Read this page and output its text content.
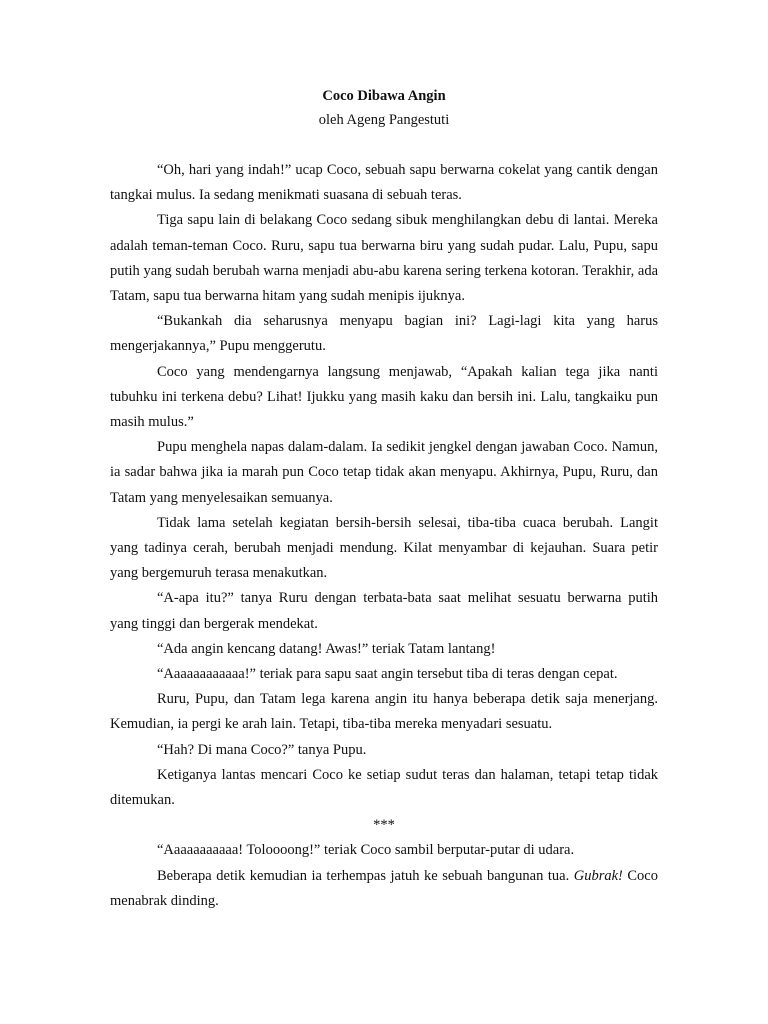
Coco Dibawa Angin

oleh Ageng Pangestuti

“Oh, hari yang indah!” ucap Coco, sebuah sapu berwarna cokelat yang cantik dengan tangkai mulus. Ia sedang menikmati suasana di sebuah teras.

Tiga sapu lain di belakang Coco sedang sibuk menghilangkan debu di lantai. Mereka adalah teman-teman Coco. Ruru, sapu tua berwarna biru yang sudah pudar. Lalu, Pupu, sapu putih yang sudah berubah warna menjadi abu-abu karena sering terkena kotoran. Terakhir, ada Tatam, sapu tua berwarna hitam yang sudah menipis ijuknya.

“Bukankah dia seharusnya menyapu bagian ini? Lagi-lagi kita yang harus mengerjakannya,” Pupu menggerutu.

Coco yang mendengarnya langsung menjawab, “Apakah kalian tega jika nanti tubuhku ini terkena debu? Lihat! Ijukku yang masih kaku dan bersih ini. Lalu, tangkaiku pun masih mulus.”

Pupu menghela napas dalam-dalam. Ia sedikit jengkel dengan jawaban Coco. Namun, ia sadar bahwa jika ia marah pun Coco tetap tidak akan menyapu. Akhirnya, Pupu, Ruru, dan Tatam yang menyelesaikan semuanya.

Tidak lama setelah kegiatan bersih-bersih selesai, tiba-tiba cuaca berubah. Langit yang tadinya cerah, berubah menjadi mendung. Kilat menyambar di kejauhan. Suara petir yang bergemuruh terasa menakutkan.

“A-apa itu?” tanya Ruru dengan terbata-bata saat melihat sesuatu berwarna putih yang tinggi dan bergerak mendekat.

“Ada angin kencang datang! Awas!” teriak Tatam lantang!

“Aaaaaaaaaaaa!” teriak para sapu saat angin tersebut tiba di teras dengan cepat.

Ruru, Pupu, dan Tatam lega karena angin itu hanya beberapa detik saja menerjang. Kemudian, ia pergi ke arah lain. Tetapi, tiba-tiba mereka menyadari sesuatu.

“Hah? Di mana Coco?” tanya Pupu.

Ketiganya lantas mencari Coco ke setiap sudut teras dan halaman, tetapi tetap tidak ditemukan.

***

“Aaaaaaaaaaa! Toloooong!” teriak Coco sambil berputar-putar di udara.

Beberapa detik kemudian ia terhempas jatuh ke sebuah bangunan tua. Gubrak! Coco menabrak dinding.
